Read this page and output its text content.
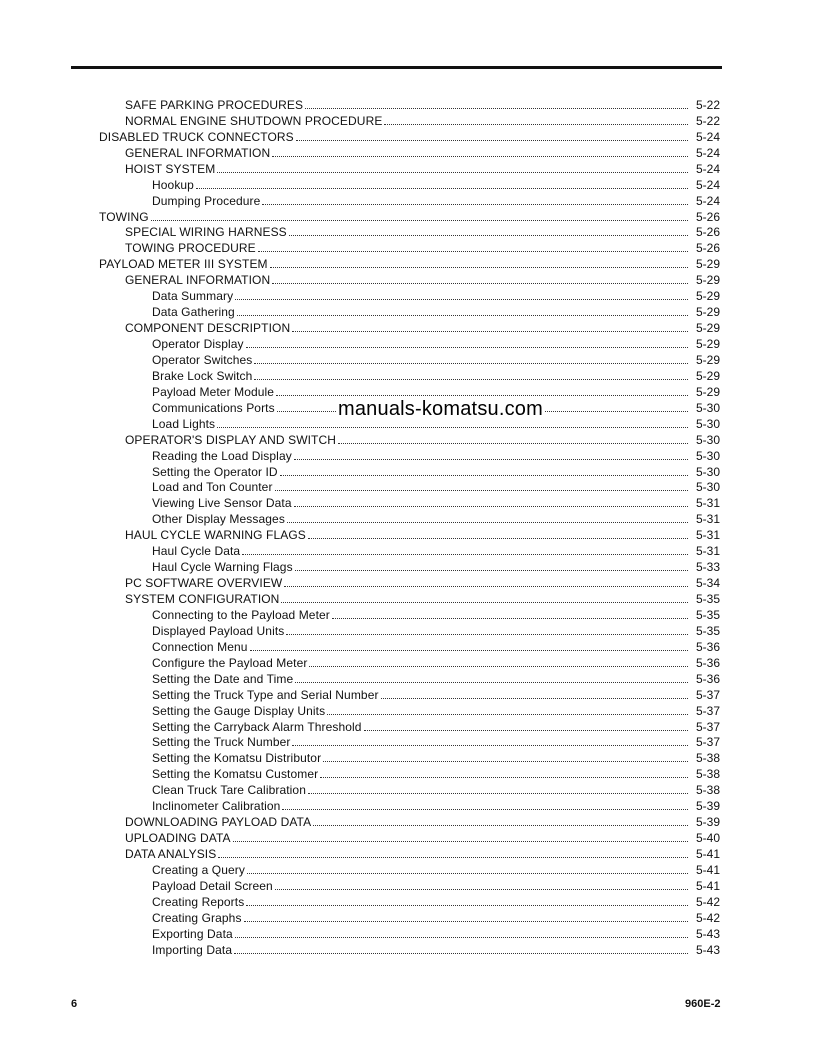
SAFE PARKING PROCEDURES	5-22
NORMAL ENGINE SHUTDOWN PROCEDURE	5-22
DISABLED TRUCK CONNECTORS	5-24
GENERAL INFORMATION	5-24
HOIST SYSTEM	5-24
Hookup	5-24
Dumping Procedure	5-24
TOWING	5-26
SPECIAL WIRING HARNESS	5-26
TOWING PROCEDURE	5-26
PAYLOAD METER III SYSTEM	5-29
GENERAL INFORMATION	5-29
Data Summary	5-29
Data Gathering	5-29
COMPONENT DESCRIPTION	5-29
Operator Display	5-29
Operator Switches	5-29
Brake Lock Switch	5-29
Payload Meter Module	5-29
Communications Ports	5-30
Load Lights	5-30
OPERATOR'S DISPLAY AND SWITCH	5-30
Reading the Load Display	5-30
Setting the Operator ID	5-30
Load and Ton Counter	5-30
Viewing Live Sensor Data	5-31
Other Display Messages	5-31
HAUL CYCLE WARNING FLAGS	5-31
Haul Cycle Data	5-31
Haul Cycle Warning Flags	5-33
PC SOFTWARE OVERVIEW	5-34
SYSTEM CONFIGURATION	5-35
Connecting to the Payload Meter	5-35
Displayed Payload Units	5-35
Connection Menu	5-36
Configure the Payload Meter	5-36
Setting the Date and Time	5-36
Setting the Truck Type and Serial Number	5-37
Setting the Gauge Display Units	5-37
Setting the Carryback Alarm Threshold	5-37
Setting the Truck Number	5-37
Setting the Komatsu Distributor	5-38
Setting the Komatsu Customer	5-38
Clean Truck Tare Calibration	5-38
Inclinometer Calibration	5-39
DOWNLOADING PAYLOAD DATA	5-39
UPLOADING DATA	5-40
DATA ANALYSIS	5-41
Creating a Query	5-41
Payload Detail Screen	5-41
Creating Reports	5-42
Creating Graphs	5-42
Exporting Data	5-43
Importing Data	5-43
manuals-komatsu.com
6	960E-2
